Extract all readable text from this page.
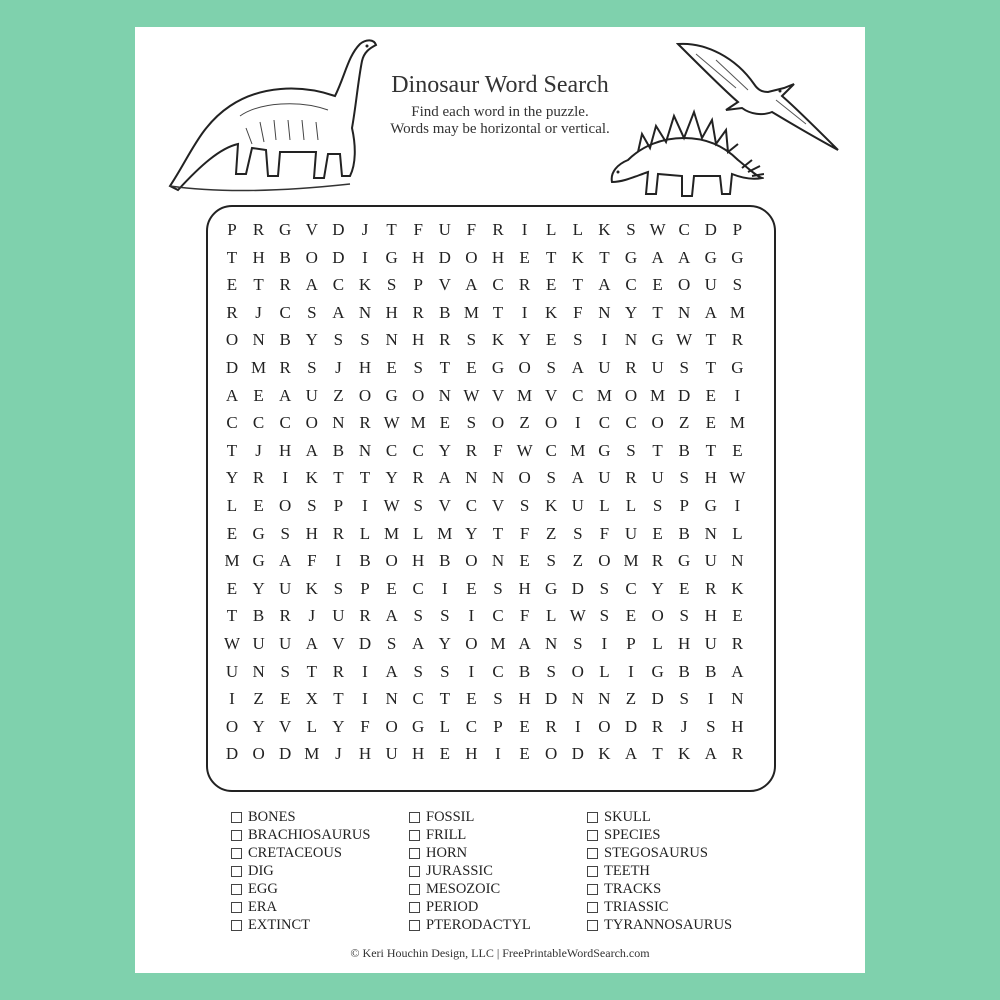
Dinosaur Word Search
Find each word in the puzzle.
Words may be horizontal or vertical.
P R G V D	J	T F U F R	I	L L K S W C D P
T H B O D	I	G H D O H E T K T G A A G G
E T R A C K S	P V A C R E T A C E O U S
R	J	C S A N H R B M T	I	K F N Y T N A M
O N B Y S	S N H R S K Y E S	I	N G W T R
D M R S	J	H E S T E G O S A U R U S T G
A E A U Z O G O N W V M V C M O M D E	I
C C C O N R W M E S O Z O	I	C C O Z E M
T	J	H A B N C C Y R F W C M G S T B T E
Y R	I	K T T Y R A N N O S A U R U S H W
L E O S	P	I W S V C V S K U L L S	P G	I
E G S H R L M L M Y T F Z S	F U E B N L
M G A F	I	B O H B O N E S Z O M R G U N
E Y U K S	P E C	I	E S H G D S C Y E R K
T B R	J	U R A S	S	I	C F L W S E O S H E
W U U A V D S A Y O M A N S	I	P L H U R
U N S T R	I	A S	S	I	C B S O L	I	G B B A
I	Z E X T	I	N C T E S H D N N Z D S	I	N
O Y V L Y F O G L C P E R	I	O D R	J	S H
D O D M J	H U H E H	I	E O D K A T K A R
BONES
BRACHIOSAURUS
CRETACEOUS
DIG
EGG
ERA
EXTINCT
FOSSIL
FRILL
HORN
JURASSIC
MESOZOIC
PERIOD
PTERODACTYL
SKULL
SPECIES
STEGOSAURUS
TEETH
TRACKS
TRIASSIC
TYRANNOSAURUS
© Keri Houchin Design, LLC | FreePrintableWordSearch.com
